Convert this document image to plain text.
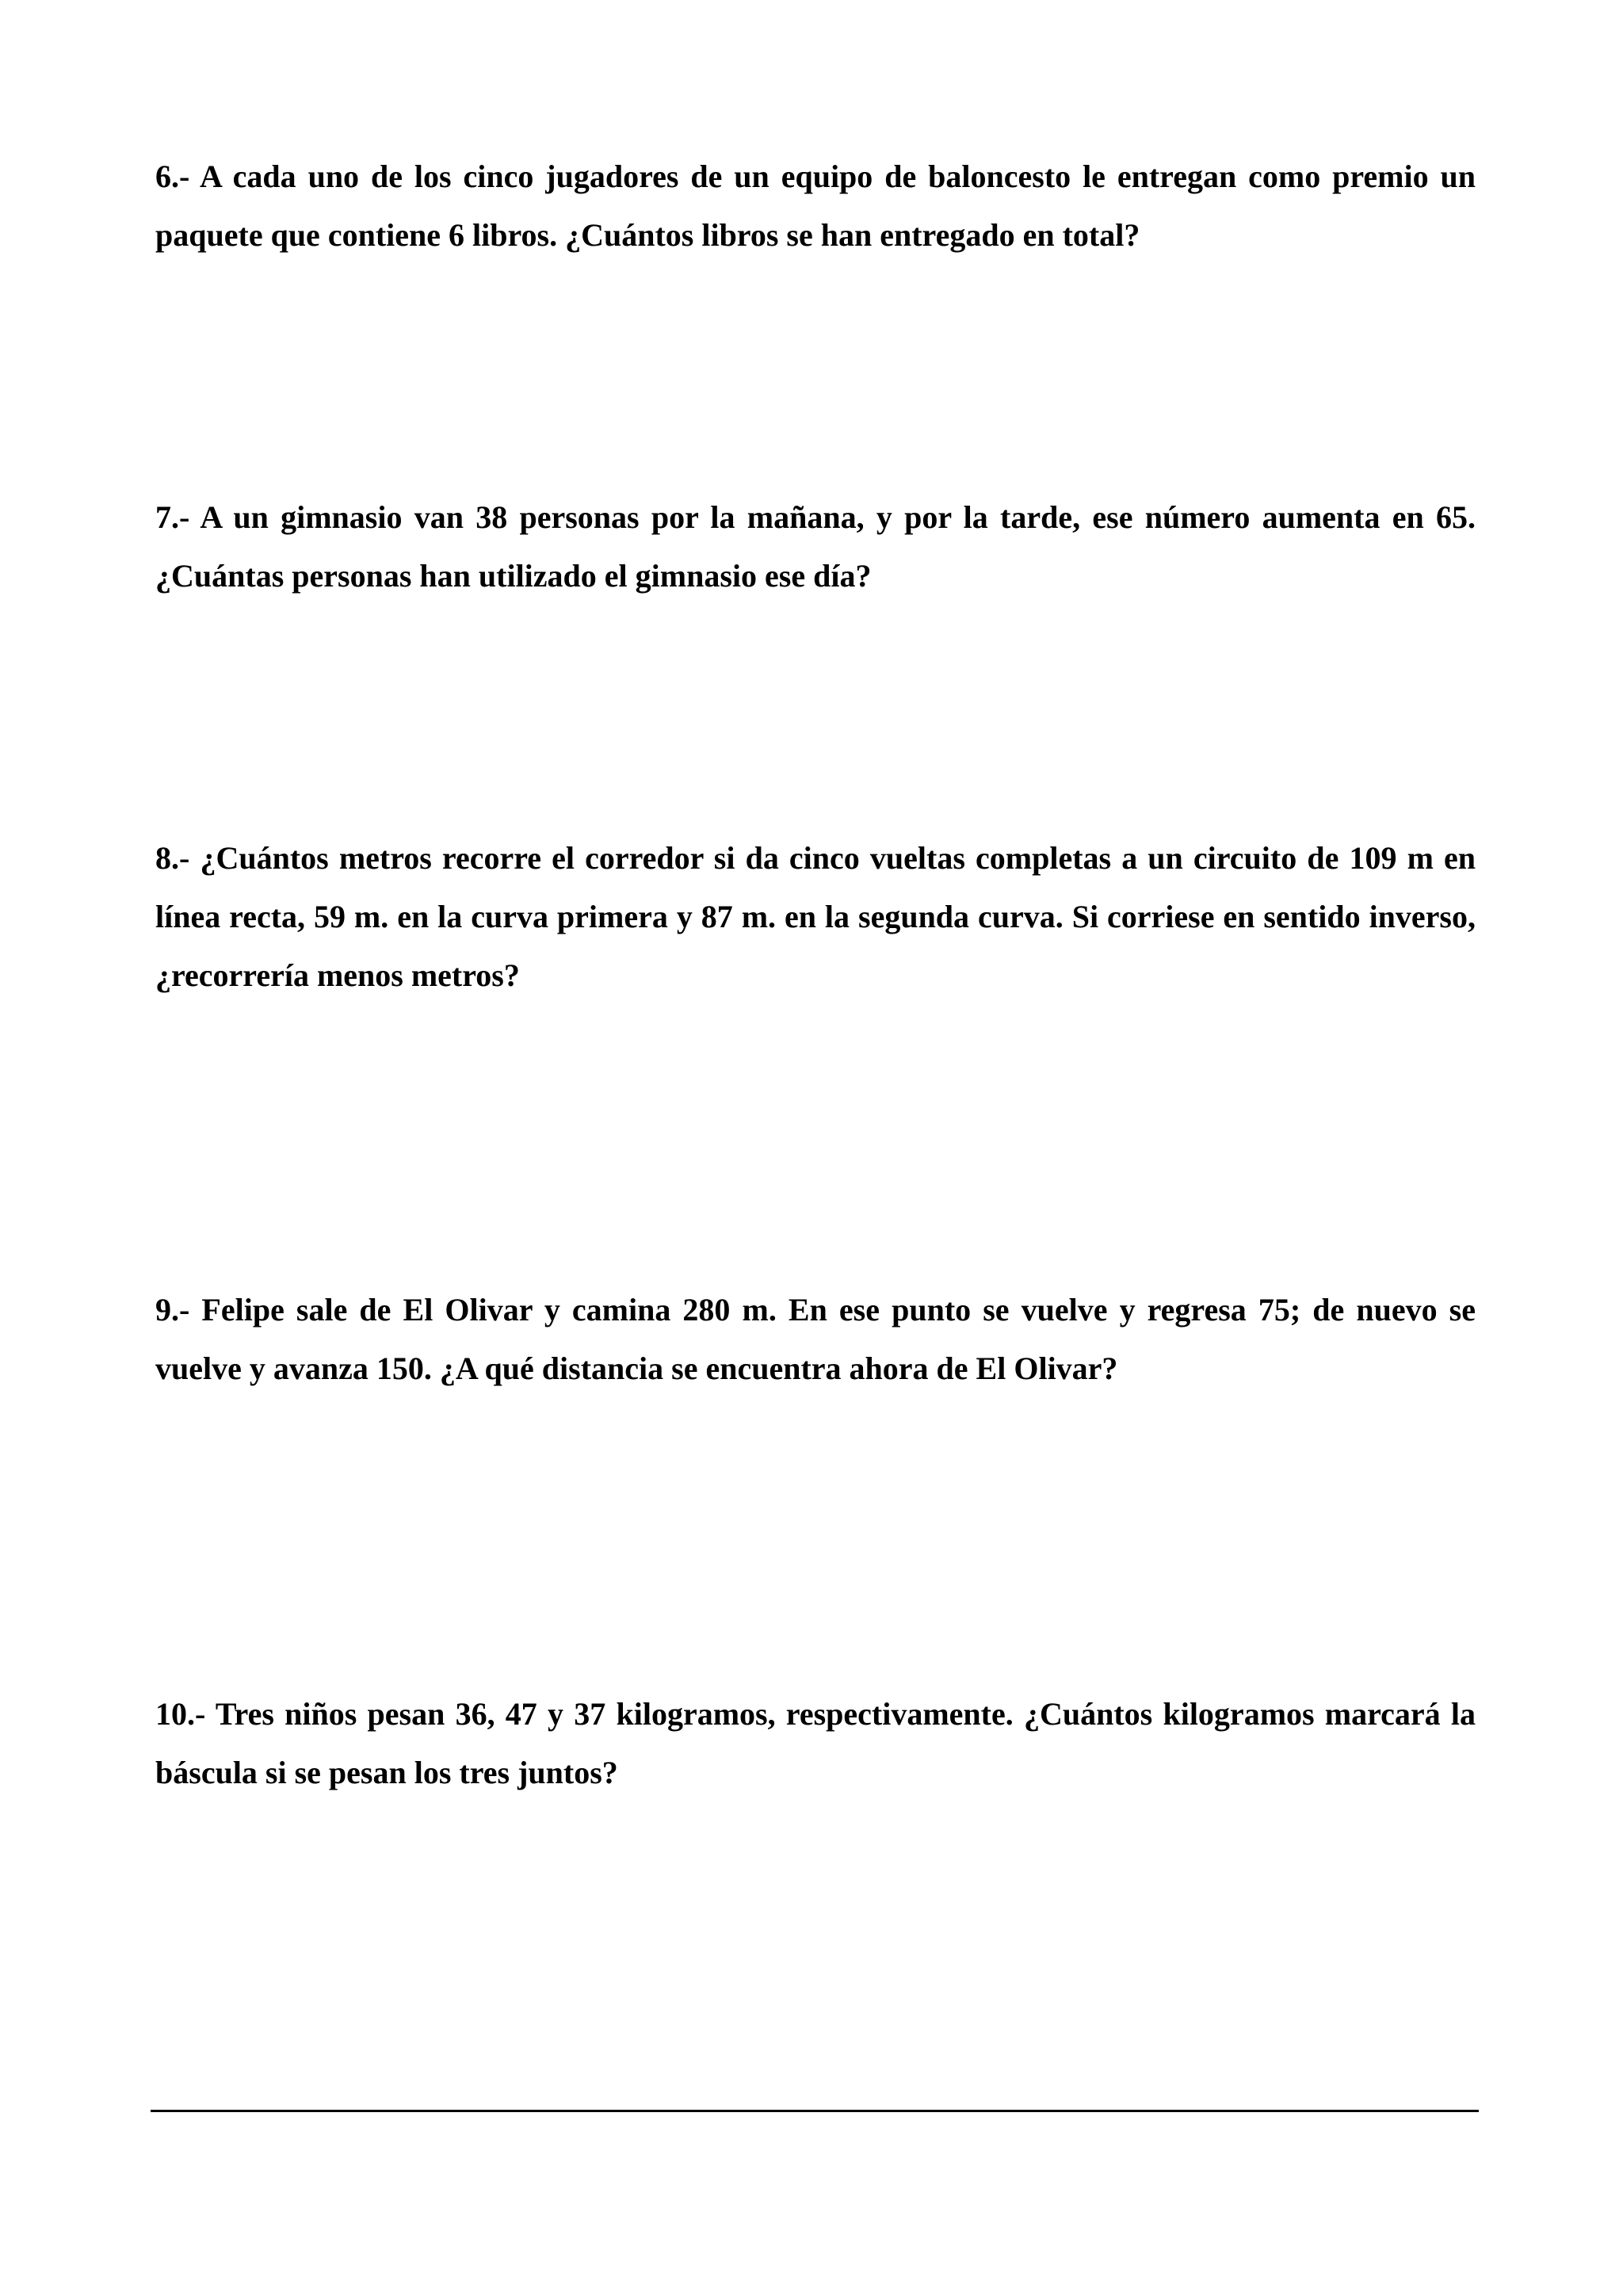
6.- A cada uno de los cinco jugadores de un equipo de baloncesto le entregan como premio un paquete que contiene 6 libros. ¿Cuántos libros se han entregado en total?

7.- A un gimnasio van 38 personas por la mañana, y por la tarde, ese número aumenta en 65. ¿Cuántas personas han utilizado el gimnasio ese día?

8.- ¿Cuántos metros recorre el corredor si da cinco vueltas completas a un circuito de 109 m en línea recta, 59 m. en la curva primera y 87 m. en la segunda curva. Si corriese en sentido inverso, ¿recorrería menos metros?

9.- Felipe sale de El Olivar y camina 280 m. En ese punto se vuelve y regresa 75; de nuevo se vuelve y avanza 150. ¿A qué distancia se encuentra ahora de El Olivar?

10.- Tres niños pesan 36, 47 y 37 kilogramos, respectivamente. ¿Cuántos kilogramos marcará la báscula si se pesan los tres juntos?
